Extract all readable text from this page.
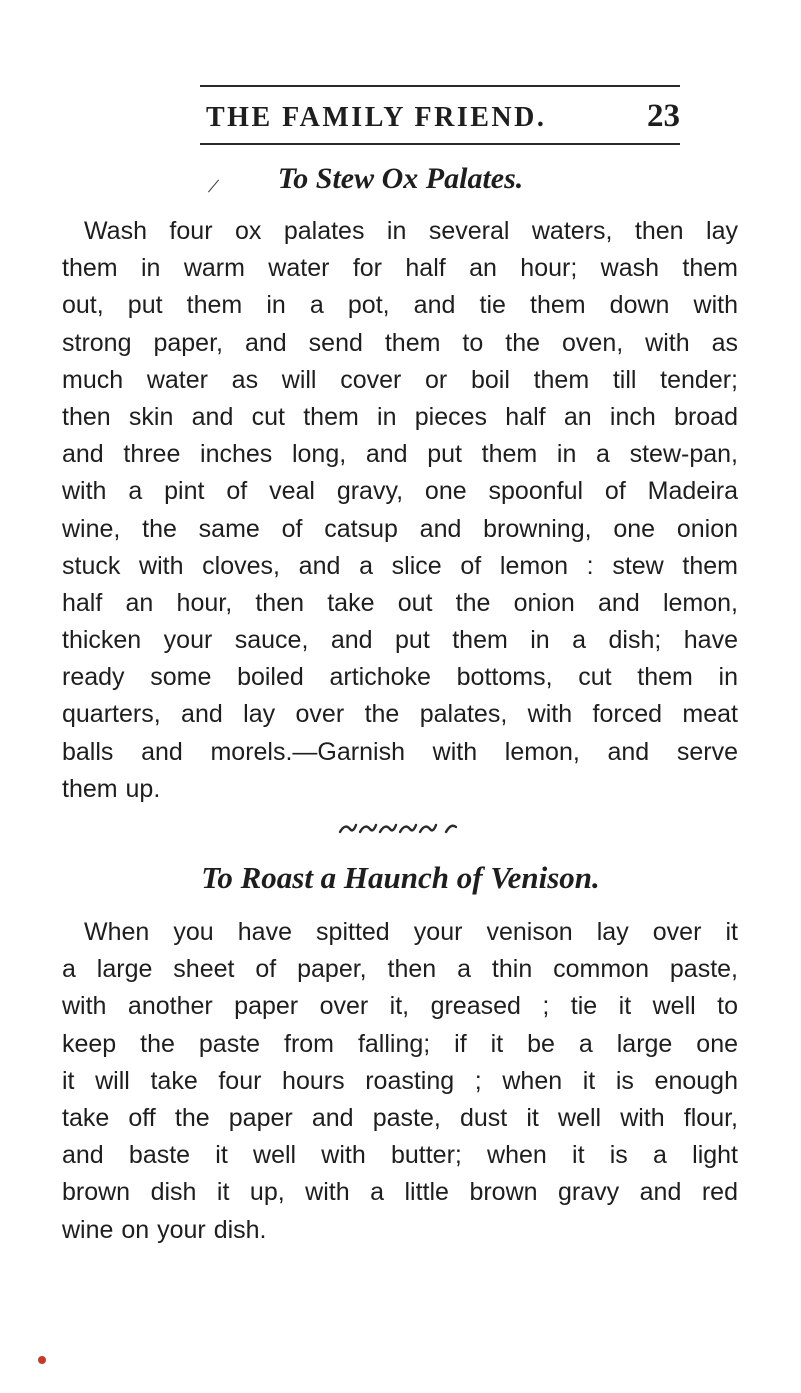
THE FAMILY FRIEND.	23
To Stew Ox Palates.
Wash four ox palates in several waters, then lay
them in warm water for half an hour; wash them
out, put them in a pot, and tie them down with
strong paper, and send them to the oven, with as
much water as will cover or boil them till tender;
then skin and cut them in pieces half an inch broad
and three inches long, and put them in a stew-pan,
with a pint of veal gravy, one spoonful of Madeira
wine, the same of catsup and browning, one onion
stuck with cloves, and a slice of lemon : stew them
half an hour, then take out the onion and lemon,
thicken your sauce, and put them in a dish; have
ready some boiled artichoke bottoms, cut them in
quarters, and lay over the palates, with forced meat
balls and morels.—Garnish with lemon, and serve
them up.
To Roast a Haunch of Venison.
When you have spitted your venison lay over it
a large sheet of paper, then a thin common paste,
with another paper over it, greased ; tie it well to
keep the paste from falling; if it be a large one
it will take four hours roasting ; when it is enough
take off the paper and paste, dust it well with flour,
and baste it well with butter; when it is a light
brown dish it up, with a little brown gravy and red
wine on your dish.
